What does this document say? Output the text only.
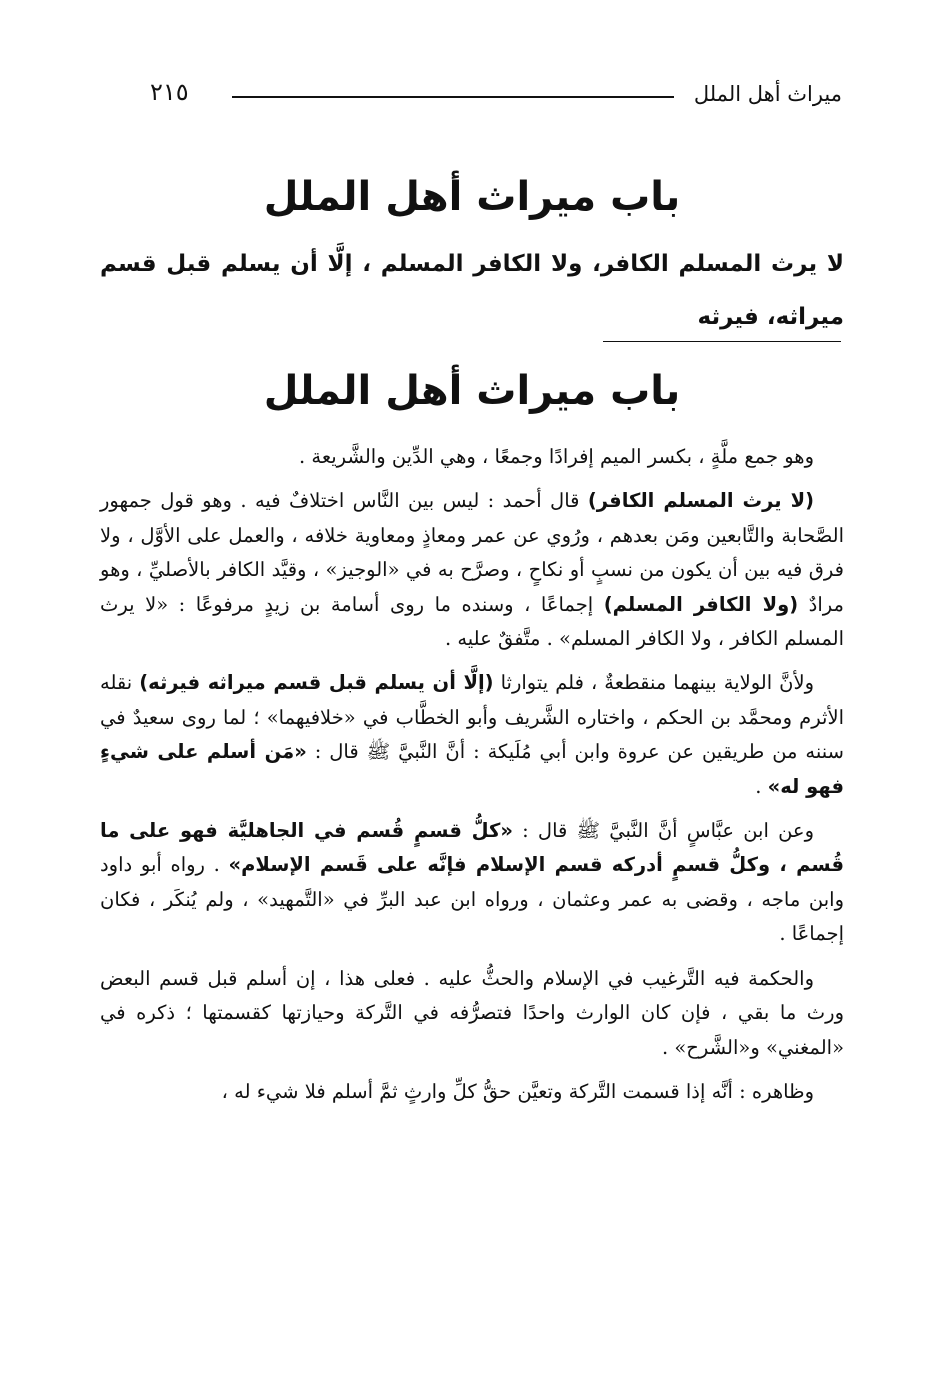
ميراث أهل الملل
٢١٥
باب ميراث أهل الملل
لا يرث المسلم الكافر، ولا الكافر المسلم ، إلَّا أن يسلم قبل قسم ميراثه، فيرثه
باب ميراث أهل الملل

وهو جمع ملَّةٍ ، بكسر الميم إفرادًا وجمعًا ، وهي الدِّين والشَّريعة .

(لا يرث المسلم الكافر) قال أحمد : ليس بين النَّاس اختلافٌ فيه . وهو قول جمهور الصَّحابة والتَّابعين ومَن بعدهم ، ورُوي عن عمر ومعاذٍ ومعاوية خلافه ، والعمل على الأوَّل ، ولا فرق فيه بين أن يكون من نسبٍ أو نكاحٍ ، وصرَّح به في «الوجيز» ، وقيَّد الكافر بالأصليِّ ، وهو مرادٌ (ولا الكافر المسلم) إجماعًا ، وسنده ما روى أسامة بن زيدٍ مرفوعًا : «لا يرث المسلم الكافر ، ولا الكافر المسلم» . متَّفقٌ عليه .

ولأنَّ الولاية بينهما منقطعةٌ ، فلم يتوارثا (إلَّا أن يسلم قبل قسم ميراثه فيرثه) نقله الأثرم ومحمَّد بن الحكم ، واختاره الشَّريف وأبو الخطَّاب في «خلافيهما» ؛ لما روى سعيدٌ في سننه من طريقين عن عروة وابن أبي مُلَيكة : أنَّ النَّبيَّ ﷺ قال : «مَن أسلم على شيءٍ فهو له» .

وعن ابن عبَّاسٍ أنَّ النَّبيَّ ﷺ قال : «كلُّ قسمٍ قُسم في الجاهليَّة فهو على ما قُسم ، وكلُّ قسمٍ أدركه قسم الإسلام فإنَّه على قَسم الإسلام» . رواه أبو داود وابن ماجه ، وقضى به عمر وعثمان ، ورواه ابن عبد البرِّ في «التَّمهيد» ، ولم يُنكَر ، فكان إجماعًا .

والحكمة فيه التَّرغيب في الإسلام والحثُّ عليه . فعلى هذا ، إن أسلم قبل قسم البعض ورث ما بقي ، فإن كان الوارث واحدًا فتصرُّفه في التَّركة وحيازتها كقسمتها ؛ ذكره في «المغني» و«الشَّرح» .

وظاهره : أنَّه إذا قسمت التَّركة وتعيَّن حقُّ كلِّ وارثٍ ثمَّ أسلم فلا شيء له ،
